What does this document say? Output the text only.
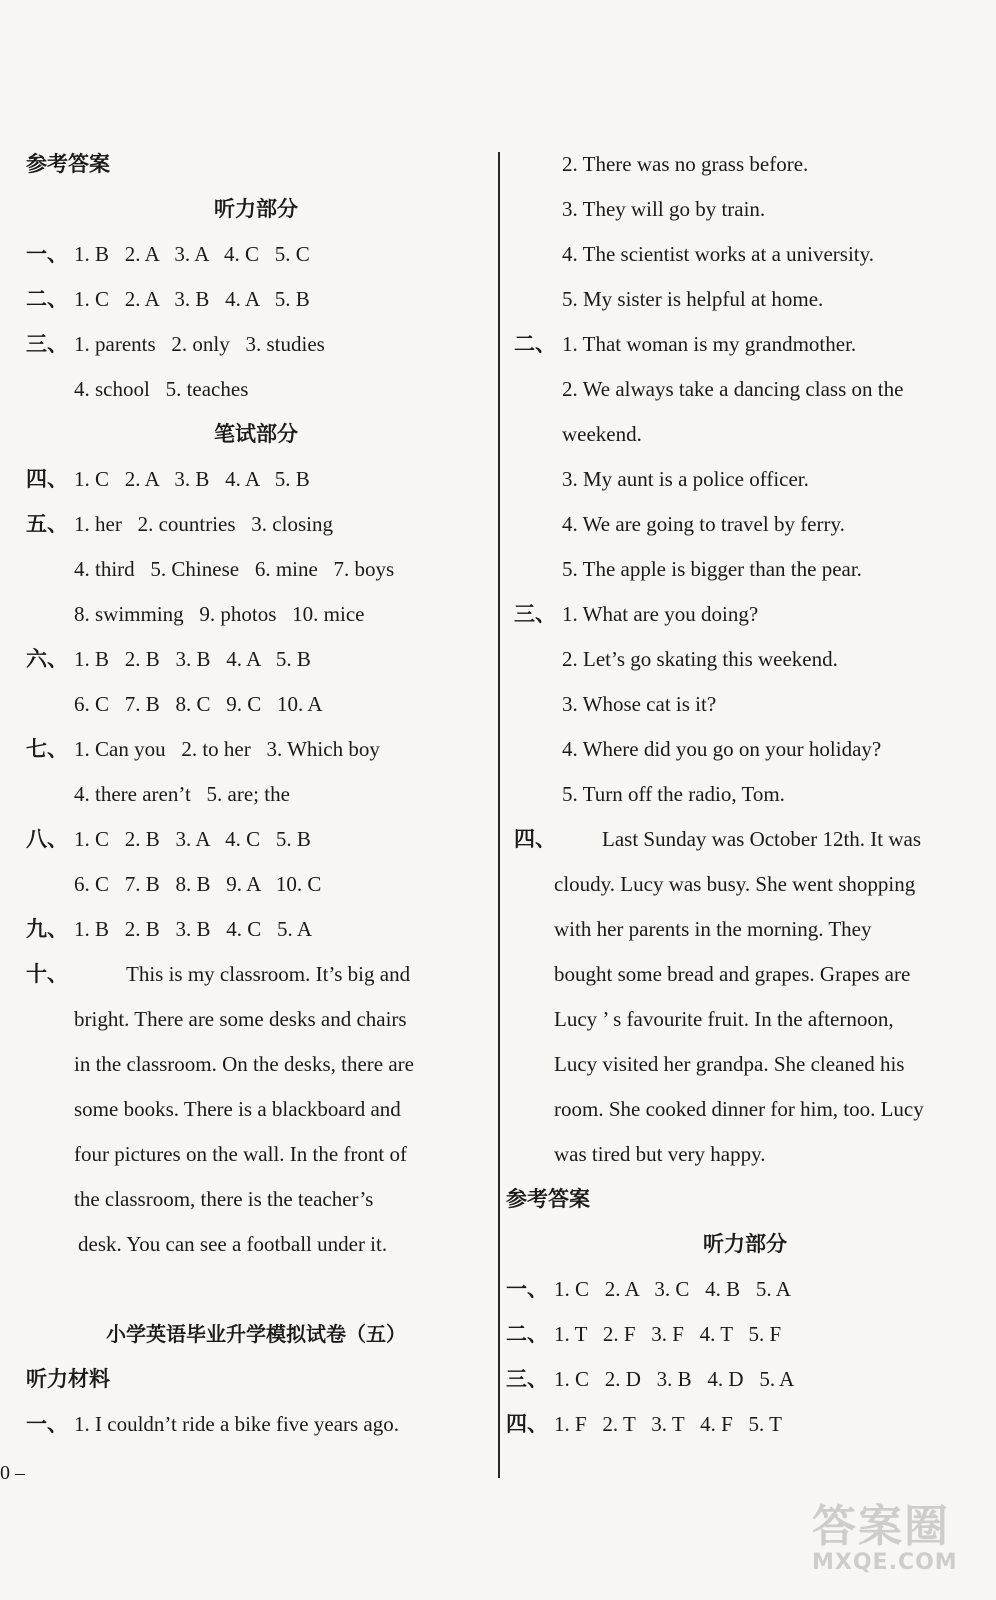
参考答案
听力部分
一、 1. B   2. A   3. A   4. C   5. C
二、 1. C   2. A   3. B   4. A   5. B
三、 1. parents   2. only   3. studies
4. school   5. teaches
笔试部分
四、 1. C   2. A   3. B   4. A   5. B
五、 1. her   2. countries   3. closing
4. third   5. Chinese   6. mine   7. boys
8. swimming   9. photos   10. mice
六、 1. B   2. B   3. B   4. A   5. B
6. C   7. B   8. C   9. C   10. A
七、 1. Can you   2. to her   3. Which boy
4. there aren’t   5. are; the
八、 1. C   2. B   3. A   4. C   5. B
6. C   7. B   8. B   9. A   10. C
九、 1. B   2. B   3. B   4. C   5. A
十、	This is my classroom. It’s big and
bright. There are some desks and chairs
in the classroom. On the desks, there are
some books. There is a blackboard and
four pictures on the wall. In the front of
the classroom, there is the teacher’s
desk. You can see a football under it.
小学英语毕业升学模拟试卷（五）
听力材料
一、 1. I couldn’t ride a bike five years ago.
2. There was no grass before.
3. They will go by train.
4. The scientist works at a university.
5. My sister is helpful at home.
二、 1. That woman is my grandmother.
2. We always take a dancing class on the
weekend.
3. My aunt is a police officer.
4. We are going to travel by ferry.
5. The apple is bigger than the pear.
三、 1. What are you doing?
2. Let’s go skating this weekend.
3. Whose cat is it?
4. Where did you go on your holiday?
5. Turn off the radio, Tom.
四、 Last Sunday was October 12th. It was
cloudy. Lucy was busy. She went shopping
with her parents in the morning. They
bought some bread and grapes. Grapes are
Lucy ’ s favourite fruit. In the afternoon,
Lucy visited her grandpa. She cleaned his
room. She cooked dinner for him, too. Lucy
was tired but very happy.
参考答案
听力部分
一、 1. C   2. A   3. C   4. B   5. A
二、 1. T   2. F   3. F   4. T   5. F
三、 1. C   2. D   3. B   4. D   5. A
四、 1. F   2. T   3. T   4. F   5. T
0 –
答案圈
MXQE.COM
